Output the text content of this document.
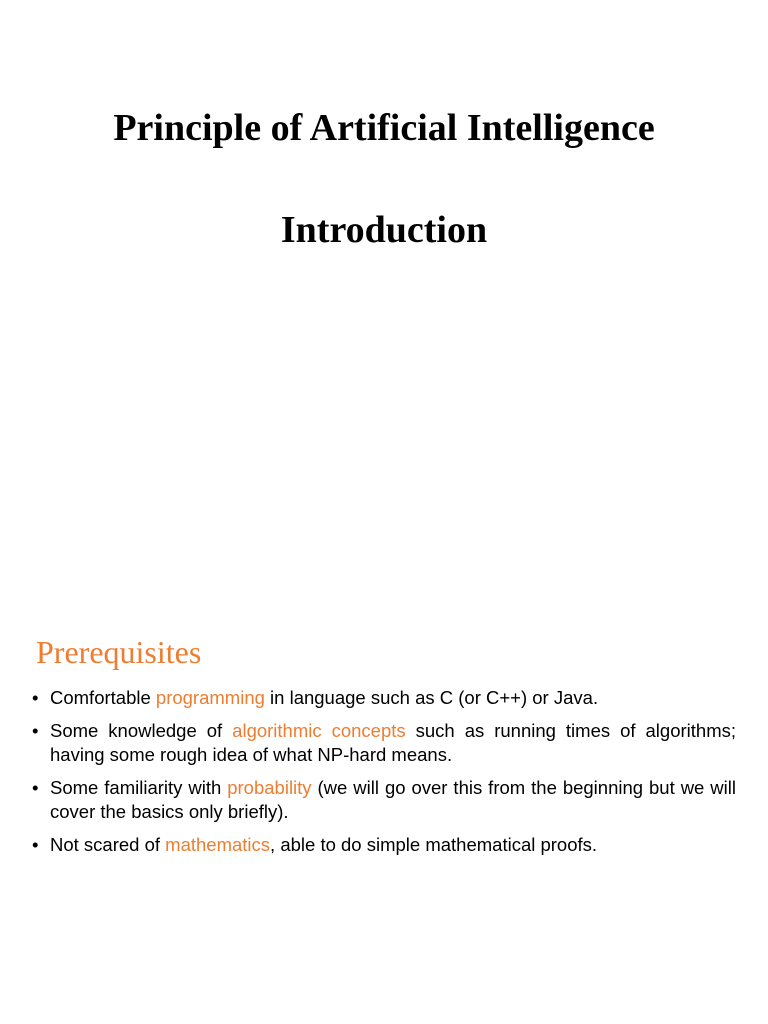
Principle of Artificial Intelligence
Introduction
Prerequisites
• Comfortable programming in language such as C (or C++) or Java.
• Some knowledge of algorithmic concepts such as running times of algorithms; having some rough idea of what NP-hard means.
• Some familiarity with probability (we will go over this from the beginning but we will cover the basics only briefly).
• Not scared of mathematics, able to do simple mathematical proofs.
